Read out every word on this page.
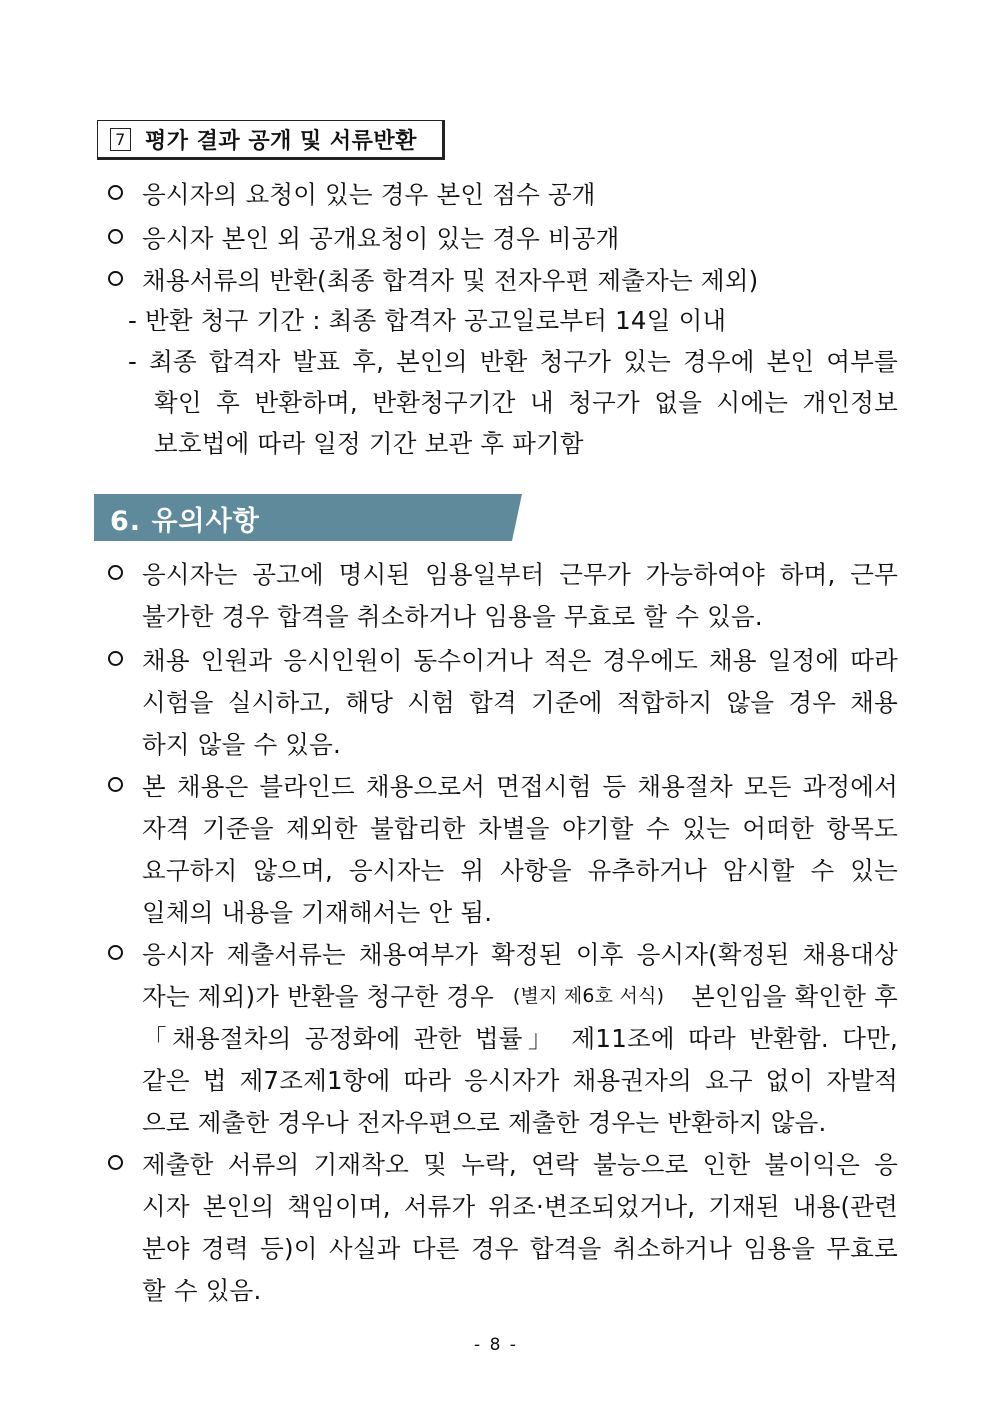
7 평가 결과 공개 및 서류반환
응시자의 요청이 있는 경우 본인 점수 공개
응시자 본인 외 공개요청이 있는 경우 비공개
채용서류의 반환(최종 합격자 및 전자우편 제출자는 제외)
- 반환 청구 기간 : 최종 합격자 공고일로부터 14일 이내
- 최종 합격자 발표 후, 본인의 반환 청구가 있는 경우에 본인 여부를
확인 후 반환하며, 반환청구기간 내 청구가 없을 시에는 개인정보
보호법에 따라 일정 기간 보관 후 파기함
6. 유의사항
응시자는 공고에 명시된 임용일부터 근무가 가능하여야 하며, 근무
불가한 경우 합격을 취소하거나 임용을 무효로 할 수 있음.
채용 인원과 응시인원이 동수이거나 적은 경우에도 채용 일정에 따라
시험을 실시하고, 해당 시험 합격 기준에 적합하지 않을 경우 채용
하지 않을 수 있음.
본 채용은 블라인드 채용으로서 면접시험 등 채용절차 모든 과정에서
자격 기준을 제외한 불합리한 차별을 야기할 수 있는 어떠한 항목도
요구하지 않으며, 응시자는 위 사항을 유추하거나 암시할 수 있는
일체의 내용을 기재해서는 안 됨.
응시자 제출서류는 채용여부가 확정된 이후 응시자(확정된 채용대상
자는 제외)가 반환을 청구한 경우 (별지 제6호 서식) 본인임을 확인한 후
「채용절차의 공정화에 관한 법률」 제11조에 따라 반환함. 다만,
같은 법 제7조제1항에 따라 응시자가 채용권자의 요구 없이 자발적
으로 제출한 경우나 전자우편으로 제출한 경우는 반환하지 않음.
제출한 서류의 기재착오 및 누락, 연락 불능으로 인한 불이익은 응
시자 본인의 책임이며, 서류가 위조·변조되었거나, 기재된 내용(관련
분야 경력 등)이 사실과 다른 경우 합격을 취소하거나 임용을 무효로
할 수 있음.
- 8 -
